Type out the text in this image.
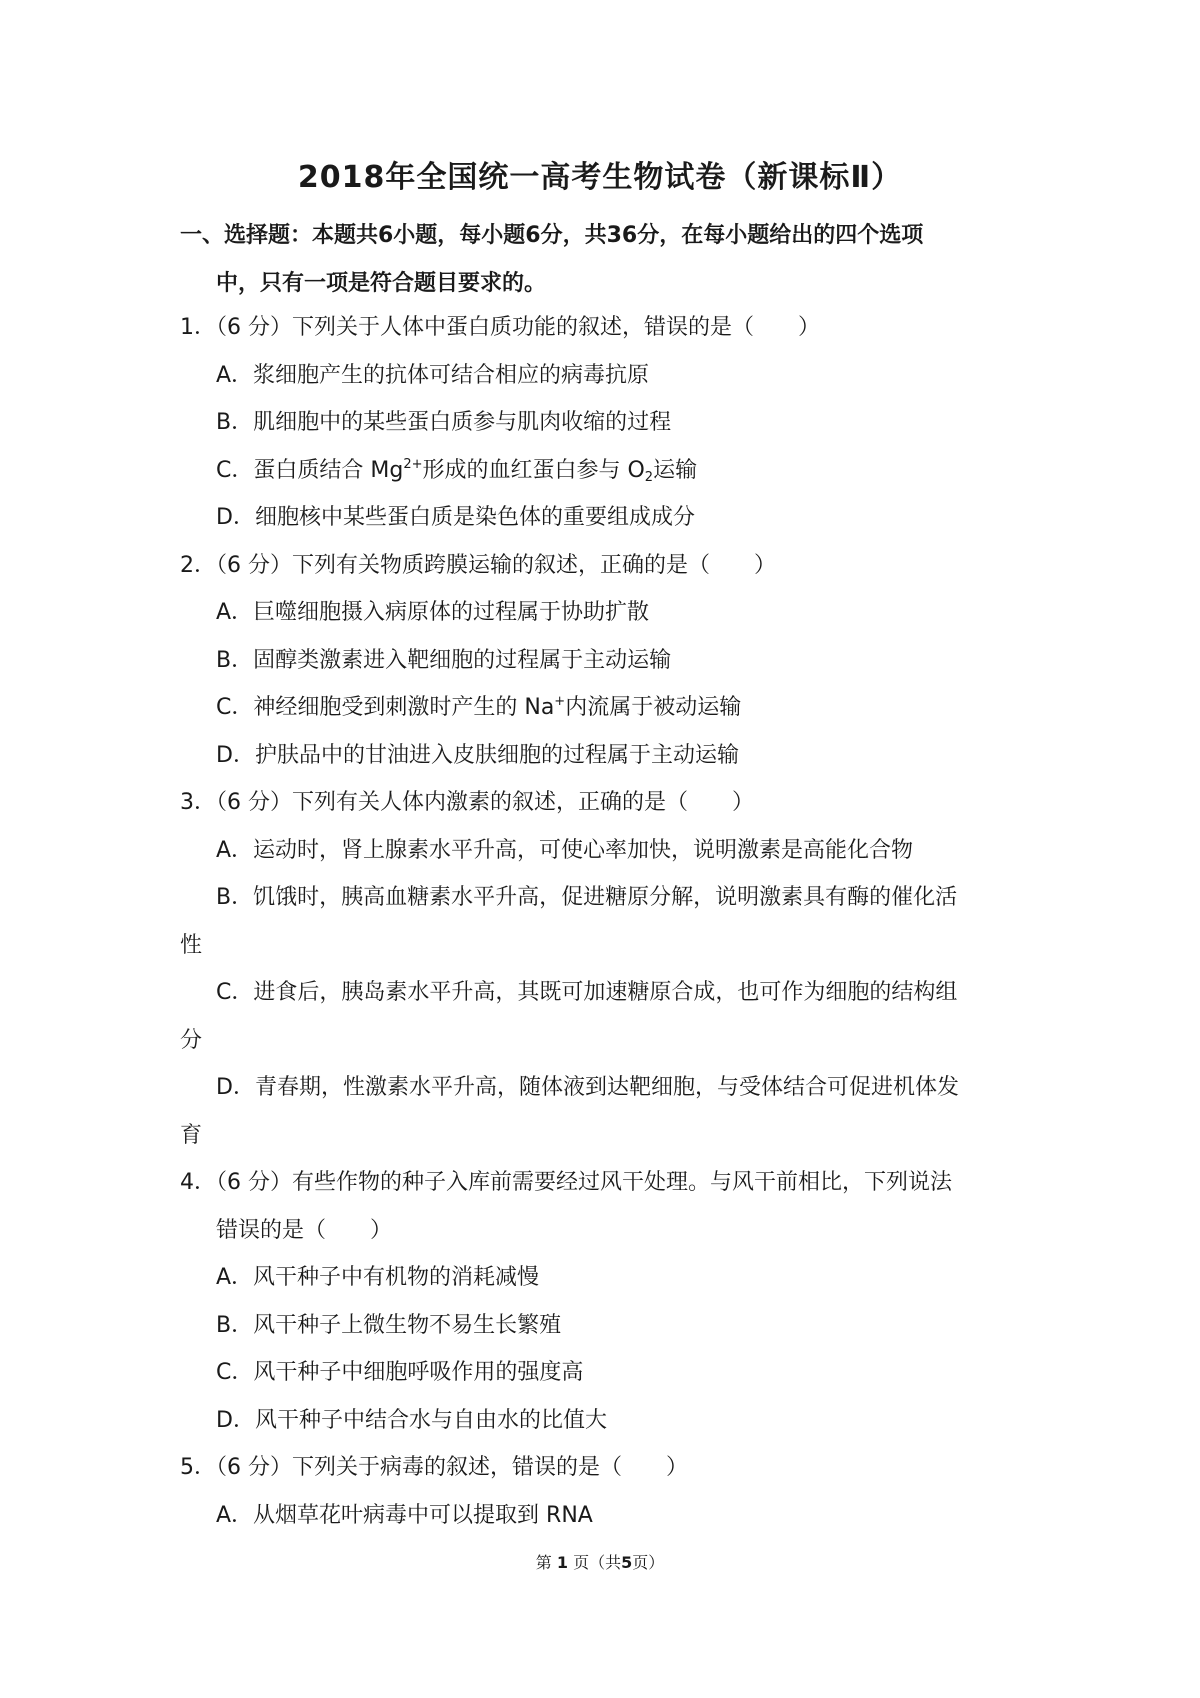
2018年全国统一高考生物试卷（新课标Ⅱ）
一、选择题：本题共6小题，每小题6分，共36分，在每小题给出的四个选项
中，只有一项是符合题目要求的。
1．（6 分）下列关于人体中蛋白质功能的叙述，错误的是（　　）
A．浆细胞产生的抗体可结合相应的病毒抗原
B．肌细胞中的某些蛋白质参与肌肉收缩的过程
C．蛋白质结合 $Mg^{2+}$形成的血红蛋白参与 $O_2$运输
D．细胞核中某些蛋白质是染色体的重要组成成分
2．（6 分）下列有关物质跨膜运输的叙述，正确的是（　　）
A．巨噬细胞摄入病原体的过程属于协助扩散
B．固醇类激素进入靶细胞的过程属于主动运输
C．神经细胞受到刺激时产生的 Na+内流属于被动运输
D．护肤品中的甘油进入皮肤细胞的过程属于主动运输
3．（6 分）下列有关人体内激素的叙述，正确的是（　　）
A．运动时，肾上腺素水平升高，可使心率加快，说明激素是高能化合物
B．饥饿时，胰高血糖素水平升高，促进糖原分解，说明激素具有酶的催化活
性
C．进食后，胰岛素水平升高，其既可加速糖原合成，也可作为细胞的结构组
分
D．青春期，性激素水平升高，随体液到达靶细胞，与受体结合可促进机体发
育
4．（6 分）有些作物的种子入库前需要经过风干处理。与风干前相比，下列说法
错误的是（　　）
A．风干种子中有机物的消耗减慢
B．风干种子上微生物不易生长繁殖
C．风干种子中细胞呼吸作用的强度高
D．风干种子中结合水与自由水的比值大
5．（6 分）下列关于病毒的叙述，错误的是（　　）
A．从烟草花叶病毒中可以提取到 RNA
第 1 页（共5页）
